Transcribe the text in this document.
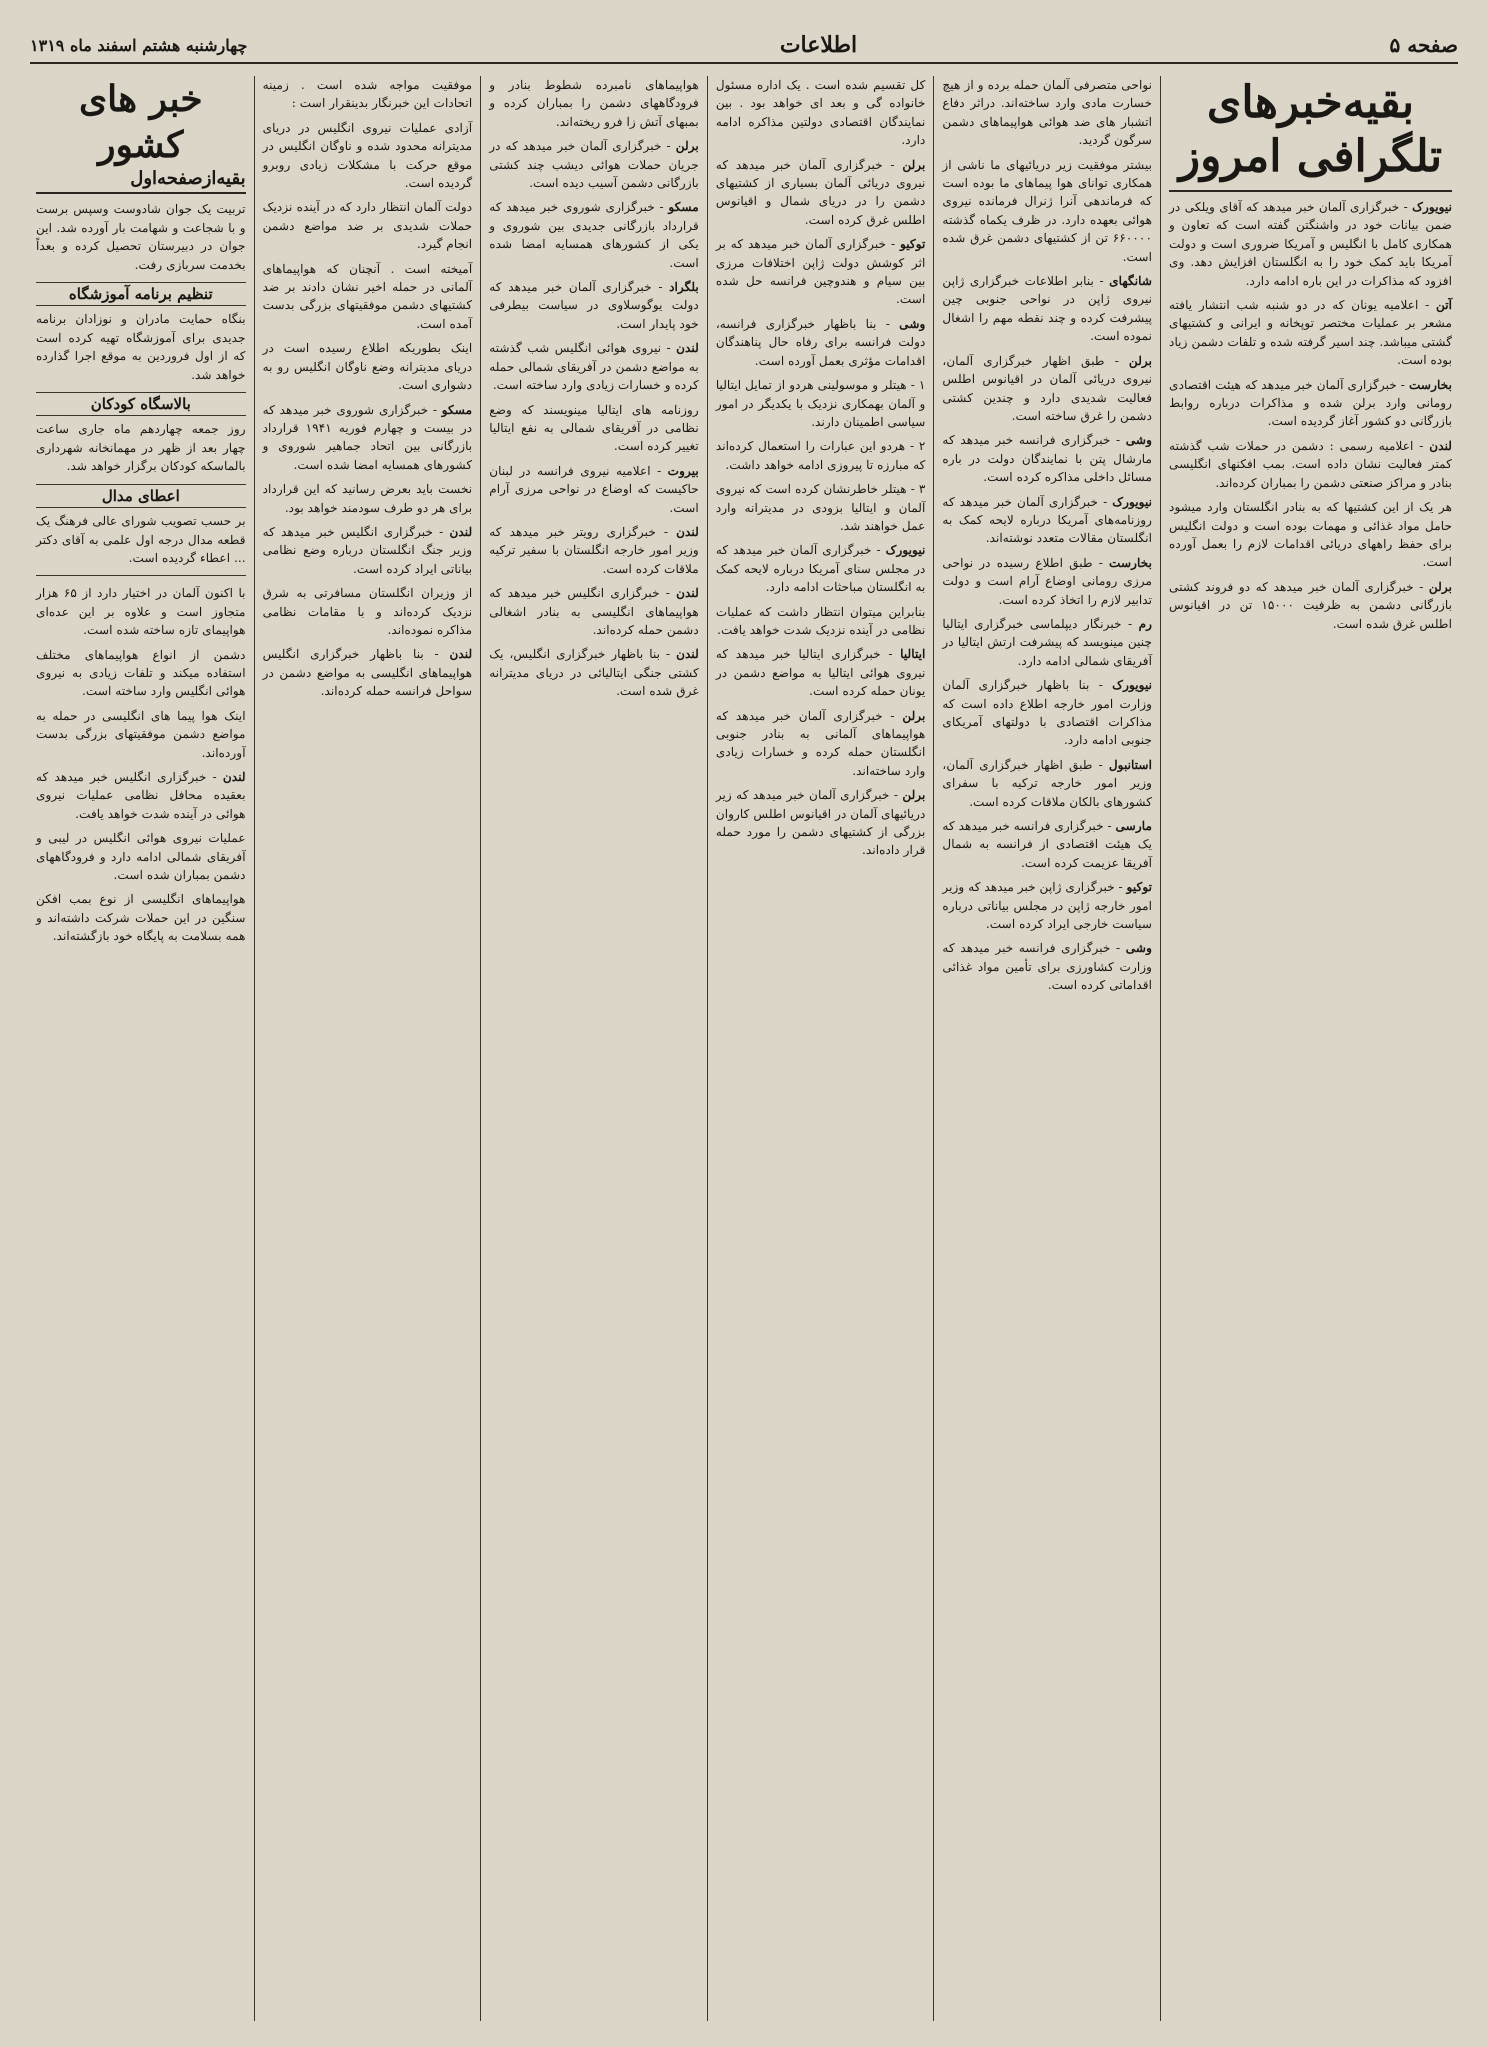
صفحه ۵
اطلاعات
چهارشنبه هشتم اسفند ماه ۱۳۱۹
بقیه‌خبرهای تلگرافی امروز

نیویورک - خبرگزاری آلمان خبر میدهد که آقای ویلکی در ضمن بیانات خود در واشنگتن گفته است که تعاون و همکاری کامل با انگلیس و آمریکا ضروری است و دولت آمریکا باید کمک خود را به انگلستان افزایش دهد. وی افزود که مذاکرات در این باره ادامه دارد.

آتن - اعلامیه یونان که در دو شنبه شب انتشار یافته مشعر بر عملیات مختصر توپخانه و ایرانی و کشتیهای گشتی میباشد. چند اسیر گرفته شده و تلفات دشمن زیاد بوده است.

بخارست - خبرگزاری آلمان خبر میدهد که هیئت اقتصادی رومانی وارد برلن شده و مذاکرات درباره روابط بازرگانی دو کشور آغاز گردیده است.

لندن - اعلامیه رسمی : دشمن در حملات شب گذشته کمتر فعالیت نشان داده است. بمب افکنهای انگلیسی بنادر و مراکز صنعتی دشمن را بمباران کرده‌اند.

هر یک از این کشتیها که به بنادر انگلستان وارد میشود حامل مواد غذائی و مهمات بوده است و دولت انگلیس برای حفظ راههای دریائی اقدامات لازم را بعمل آورده است.

برلن - خبرگزاری آلمان خبر میدهد که دو فروند کشتی بازرگانی دشمن به ظرفیت ۱۵۰۰۰ تن در اقیانوس اطلس غرق شده است.

نواحی متصرفی آلمان حمله برده و از هیچ خسارت مادی وارد ساخته‌اند. دراثر دفاع اتشبار های ضد هوائی هواپیماهای دشمن سرگون گردید.

بیشتر موفقیت زیر دریائیهای ما ناشی از همکاری توانای هوا پیماهای ما بوده است که فرماندهی آنرا ژنرال فرمانده نیروی هوائی بعهده دارد. در ظرف یکماه گذشته ۶۶۰۰۰۰ تن از کشتیهای دشمن غرق شده است.

شانگهای - بنابر اطلاعات خبرگزاری ژاپن نیروی ژاپن در نواحی جنوبی چین پیشرفت کرده و چند نقطه مهم را اشغال نموده است.

برلن - طبق اظهار خبرگزاری آلمان، نیروی دریائی آلمان در اقیانوس اطلس فعالیت شدیدی دارد و چندین کشتی دشمن را غرق ساخته است.

وشی - خبرگزاری فرانسه خبر میدهد که مارشال پتن با نمایندگان دولت در باره مسائل داخلی مذاکره کرده است.

نیویورک - خبرگزاری آلمان خبر میدهد که روزنامه‌های آمریکا درباره لایحه کمک به انگلستان مقالات متعدد نوشته‌اند.

بخارست - طبق اطلاع رسیده در نواحی مرزی رومانی اوضاع آرام است و دولت تدابیر لازم را اتخاذ کرده است.

رم - خبرنگار دیپلماسی خبرگزاری ایتالیا چنین مینویسد که پیشرفت ارتش ایتالیا در آفریقای شمالی ادامه دارد.

نیویورک - بنا باظهار خبرگزاری آلمان وزارت امور خارجه اطلاع داده است که مذاکرات اقتصادی با دولتهای آمریکای جنوبی ادامه دارد.

استانبول - طبق اظهار خبرگزاری آلمان، وزیر امور خارجه ترکیه با سفرای کشورهای بالکان ملاقات کرده است.

مارسی - خبرگزاری فرانسه خبر میدهد که یک هیئت اقتصادی از فرانسه به شمال آفریقا عزیمت کرده است.

توکیو - خبرگزاری ژاپن خبر میدهد که وزیر امور خارجه ژاپن در مجلس بیاناتی درباره سیاست خارجی ایراد کرده است.

وشی - خبرگزاری فرانسه خبر میدهد که وزارت کشاورزی برای تأمین مواد غذائی اقداماتی کرده است.

کل تقسیم شده است . یک اداره مسئول خانواده گی و بعد ای خواهد بود . بین نمایندگان اقتصادی دولتین مذاکره ادامه دارد.

برلن - خبرگزاری آلمان خبر میدهد که نیروی دریائی آلمان بسیاری از کشتیهای دشمن را در دریای شمال و اقیانوس اطلس غرق کرده است.

توکیو - خبرگزاری آلمان خبر میدهد که بر اثر کوشش دولت ژاپن اختلافات مرزی بین سیام و هندوچین فرانسه حل شده است.

وشی - بنا باظهار خبرگزاری فرانسه، دولت فرانسه برای رفاه حال پناهندگان اقدامات مؤثری بعمل آورده است.

۱ - هیتلر و موسولینی هردو از تمایل ایتالیا و آلمان بهمکاری نزدیک با یکدیگر در امور سیاسی اطمینان دارند.

۲ - هردو این عبارات را استعمال کرده‌اند که مبارزه تا پیروزی ادامه خواهد داشت.

۳ - هیتلر خاطرنشان کرده است که نیروی آلمان و ایتالیا بزودی در مدیترانه وارد عمل خواهند شد.

نیویورک - خبرگزاری آلمان خبر میدهد که در مجلس سنای آمریکا درباره لایحه کمک به انگلستان مباحثات ادامه دارد.

بنابراین میتوان انتظار داشت که عملیات نظامی در آینده نزدیک شدت خواهد یافت.

ایتالیا - خبرگزاری ایتالیا خبر میدهد که نیروی هوائی ایتالیا به مواضع دشمن در یونان حمله کرده است.

برلن - خبرگزاری آلمان خبر میدهد که هواپیماهای آلمانی به بنادر جنوبی انگلستان حمله کرده و خسارات زیادی وارد ساخته‌اند.

برلن - خبرگزاری آلمان خبر میدهد که زیر دریائیهای آلمان در اقیانوس اطلس کاروان بزرگی از کشتیهای دشمن را مورد حمله قرار داده‌اند.

هواپیماهای نامبرده شطوط بنادر و فرودگاههای دشمن را بمباران کرده و بمبهای آتش زا فرو ریخته‌اند.

برلن - خبرگزاری آلمان خبر میدهد که در جریان حملات هوائی دیشب چند کشتی بازرگانی دشمن آسیب دیده است.

مسکو - خبرگزاری شوروی خبر میدهد که قرارداد بازرگانی جدیدی بین شوروی و یکی از کشورهای همسایه امضا شده است.

بلگراد - خبرگزاری آلمان خبر میدهد که دولت یوگوسلاوی در سیاست بیطرفی خود پایدار است.

لندن - نیروی هوائی انگلیس شب گذشته به مواضع دشمن در آفریقای شمالی حمله کرده و خسارات زیادی وارد ساخته است.

روزنامه های ایتالیا مینویسند که وضع نظامی در آفریقای شمالی به نفع ایتالیا تغییر کرده است.

بیروت - اعلامیه نیروی فرانسه در لبنان حاکیست که اوضاع در نواحی مرزی آرام است.

لندن - خبرگزاری رویتر خبر میدهد که وزیر امور خارجه انگلستان با سفیر ترکیه ملاقات کرده است.

لندن - خبرگزاری انگلیس خبر میدهد که هواپیماهای انگلیسی به بنادر اشغالی دشمن حمله کرده‌اند.

لندن - بنا باظهار خبرگزاری انگلیس، یک کشتی جنگی ایتالیائی در دریای مدیترانه غرق شده است.

موفقیت مواجه شده است . زمینه اتحادات این خبرنگار بدینقرار است :

آزادی عملیات نیروی انگلیس در دریای مدیترانه محدود شده و ناوگان انگلیس در موقع حرکت با مشکلات زیادی روبرو گردیده است.

دولت آلمان انتظار دارد که در آینده نزدیک حملات شدیدی بر ضد مواضع دشمن انجام گیرد.

آمیخته است . آنچنان که هواپیماهای آلمانی در حمله اخیر نشان دادند بر ضد کشتیهای دشمن موفقیتهای بزرگی بدست آمده است.

اینک بطوریکه اطلاع رسیده است در دریای مدیترانه وضع ناوگان انگلیس رو به دشواری است.

مسکو - خبرگزاری شوروی خبر میدهد که در بیست و چهارم فوریه ۱۹۴۱ قرارداد بازرگانی بین اتحاد جماهیر شوروی و کشورهای همسایه امضا شده است.

نخست باید بعرض رسانید که این قرارداد برای هر دو طرف سودمند خواهد بود.

لندن - خبرگزاری انگلیس خبر میدهد که وزیر جنگ انگلستان درباره وضع نظامی بیاناتی ایراد کرده است.

از وزیران انگلستان مسافرتی به شرق نزدیک کرده‌اند و با مقامات نظامی مذاکره نموده‌اند.

لندن - بنا باظهار خبرگزاری انگلیس هواپیماهای انگلیسی به مواضع دشمن در سواحل فرانسه حمله کرده‌اند.

خبر های کشور
بقیه‌ازصفحه‌اول

تربیت یک جوان شادوست وسپس برست و با شجاعت و شهامت بار آورده شد. این جوان در دبیرستان تحصیل کرده و بعداً بخدمت سربازی رفت.

تنظیم برنامه آموزشگاه

بنگاه حمایت مادران و نوزادان برنامه جدیدی برای آموزشگاه تهیه کرده است که از اول فروردین به موقع اجرا گذارده خواهد شد.

بالاسگاه کودکان

روز جمعه چهاردهم ماه جاری ساعت چهار بعد از ظهر در مهمانخانه شهرداری بالماسکه کودکان برگزار خواهد شد.

اعطای مدال

بر حسب تصویب شورای عالی فرهنگ یک قطعه مدال درجه اول علمی به آقای دکتر ... اعطاء گردیده است.

با اکنون آلمان در اختیار دارد از ۶۵ هزار متجاوز است و علاوه بر این عده‌ای هواپیمای تازه ساخته شده است.

دشمن از انواع هواپیماهای مختلف استفاده میکند و تلفات زیادی به نیروی هوائی انگلیس وارد ساخته است.

اینک هوا پیما های انگلیسی در حمله به مواضع دشمن موفقیتهای بزرگی بدست آورده‌اند.

لندن - خبرگزاری انگلیس خبر میدهد که بعقیده محافل نظامی عملیات نیروی هوائی در آینده شدت خواهد یافت.

عملیات نیروی هوائی انگلیس در لیبی و آفریقای شمالی ادامه دارد و فرودگاههای دشمن بمباران شده است.

هواپیماهای انگلیسی از نوع بمب افکن سنگین در این حملات شرکت داشته‌اند و همه بسلامت به پایگاه خود بازگشته‌اند.
